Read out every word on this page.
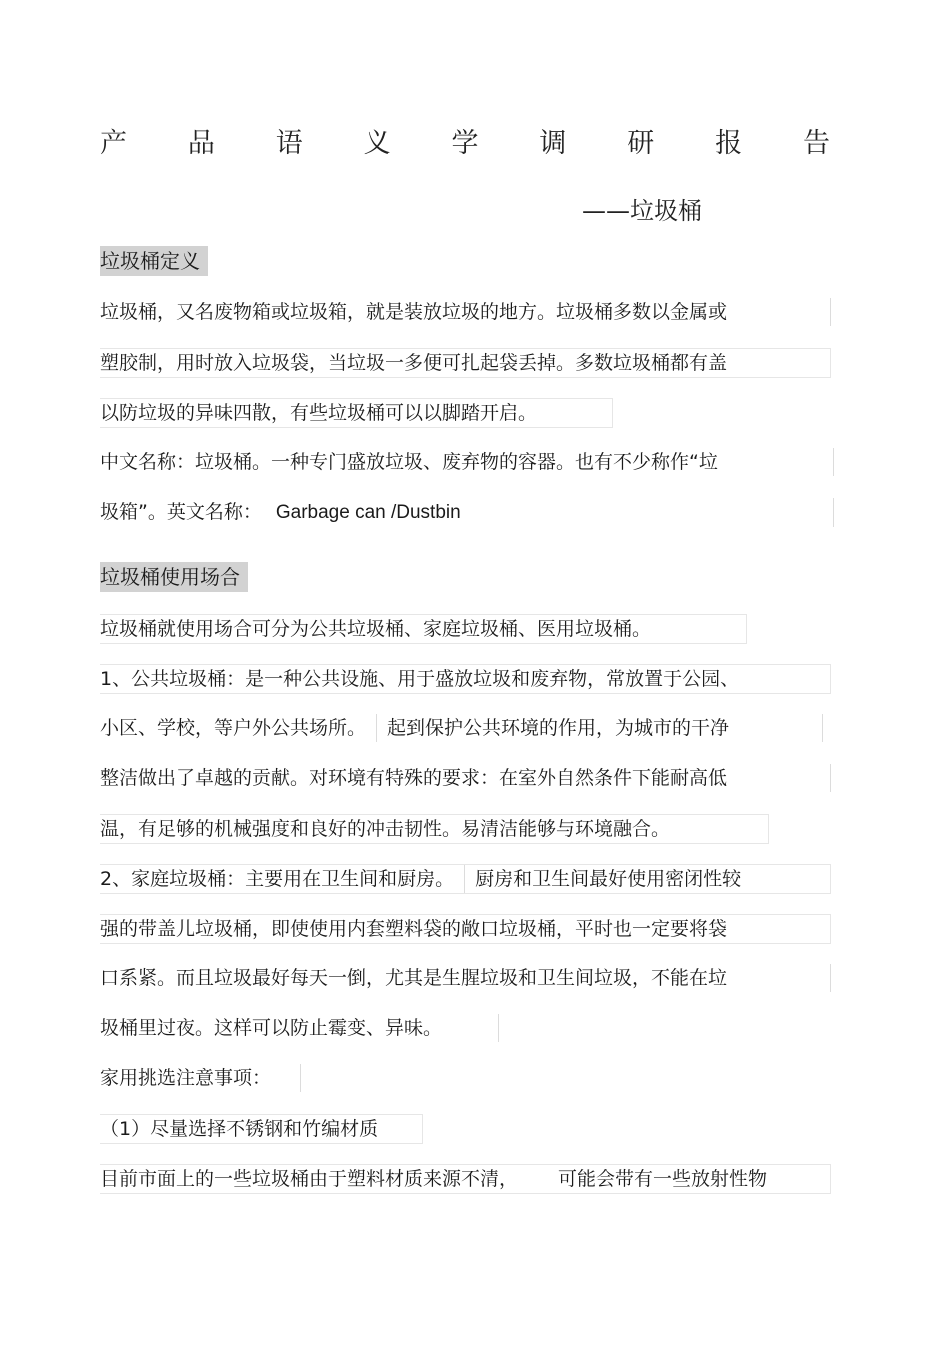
产 品 语 义 学 调 研 报 告
——垃圾桶
垃圾桶定义
垃圾桶，又名废物箱或垃圾箱，就是装放垃圾的地方。垃圾桶多数以金属或
塑胶制，用时放入垃圾袋，当垃圾一多便可扎起袋丢掉。多数垃圾桶都有盖
以防垃圾的异味四散，有些垃圾桶可以以脚踏开启。
中文名称：垃圾桶。一种专门盛放垃圾、废弃物的容器。也有不少称作“垃
圾箱”。英文名称： Garbage can /Dustbin
垃圾桶使用场合
垃圾桶就使用场合可分为公共垃圾桶、家庭垃圾桶、医用垃圾桶。
1、公共垃圾桶：是一种公共设施、用于盛放垃圾和废弃物，常放置于公园、
小区、学校，等户外公共场所。 起到保护公共环境的作用，为城市的干净
整洁做出了卓越的贡献。对环境有特殊的要求：在室外自然条件下能耐高低
温，有足够的机械强度和良好的冲击韧性。易清洁能够与环境融合。
2、家庭垃圾桶：主要用在卫生间和厨房。 厨房和卫生间最好使用密闭性较
强的带盖儿垃圾桶，即使使用内套塑料袋的敞口垃圾桶，平时也一定要将袋
口系紧。而且垃圾最好每天一倒，尤其是生腥垃圾和卫生间垃圾，不能在垃
圾桶里过夜。这样可以防止霉变、异味。
家用挑选注意事项：
（1）尽量选择不锈钢和竹编材质
目前市面上的一些垃圾桶由于塑料材质来源不清， 可能会带有一些放射性物
